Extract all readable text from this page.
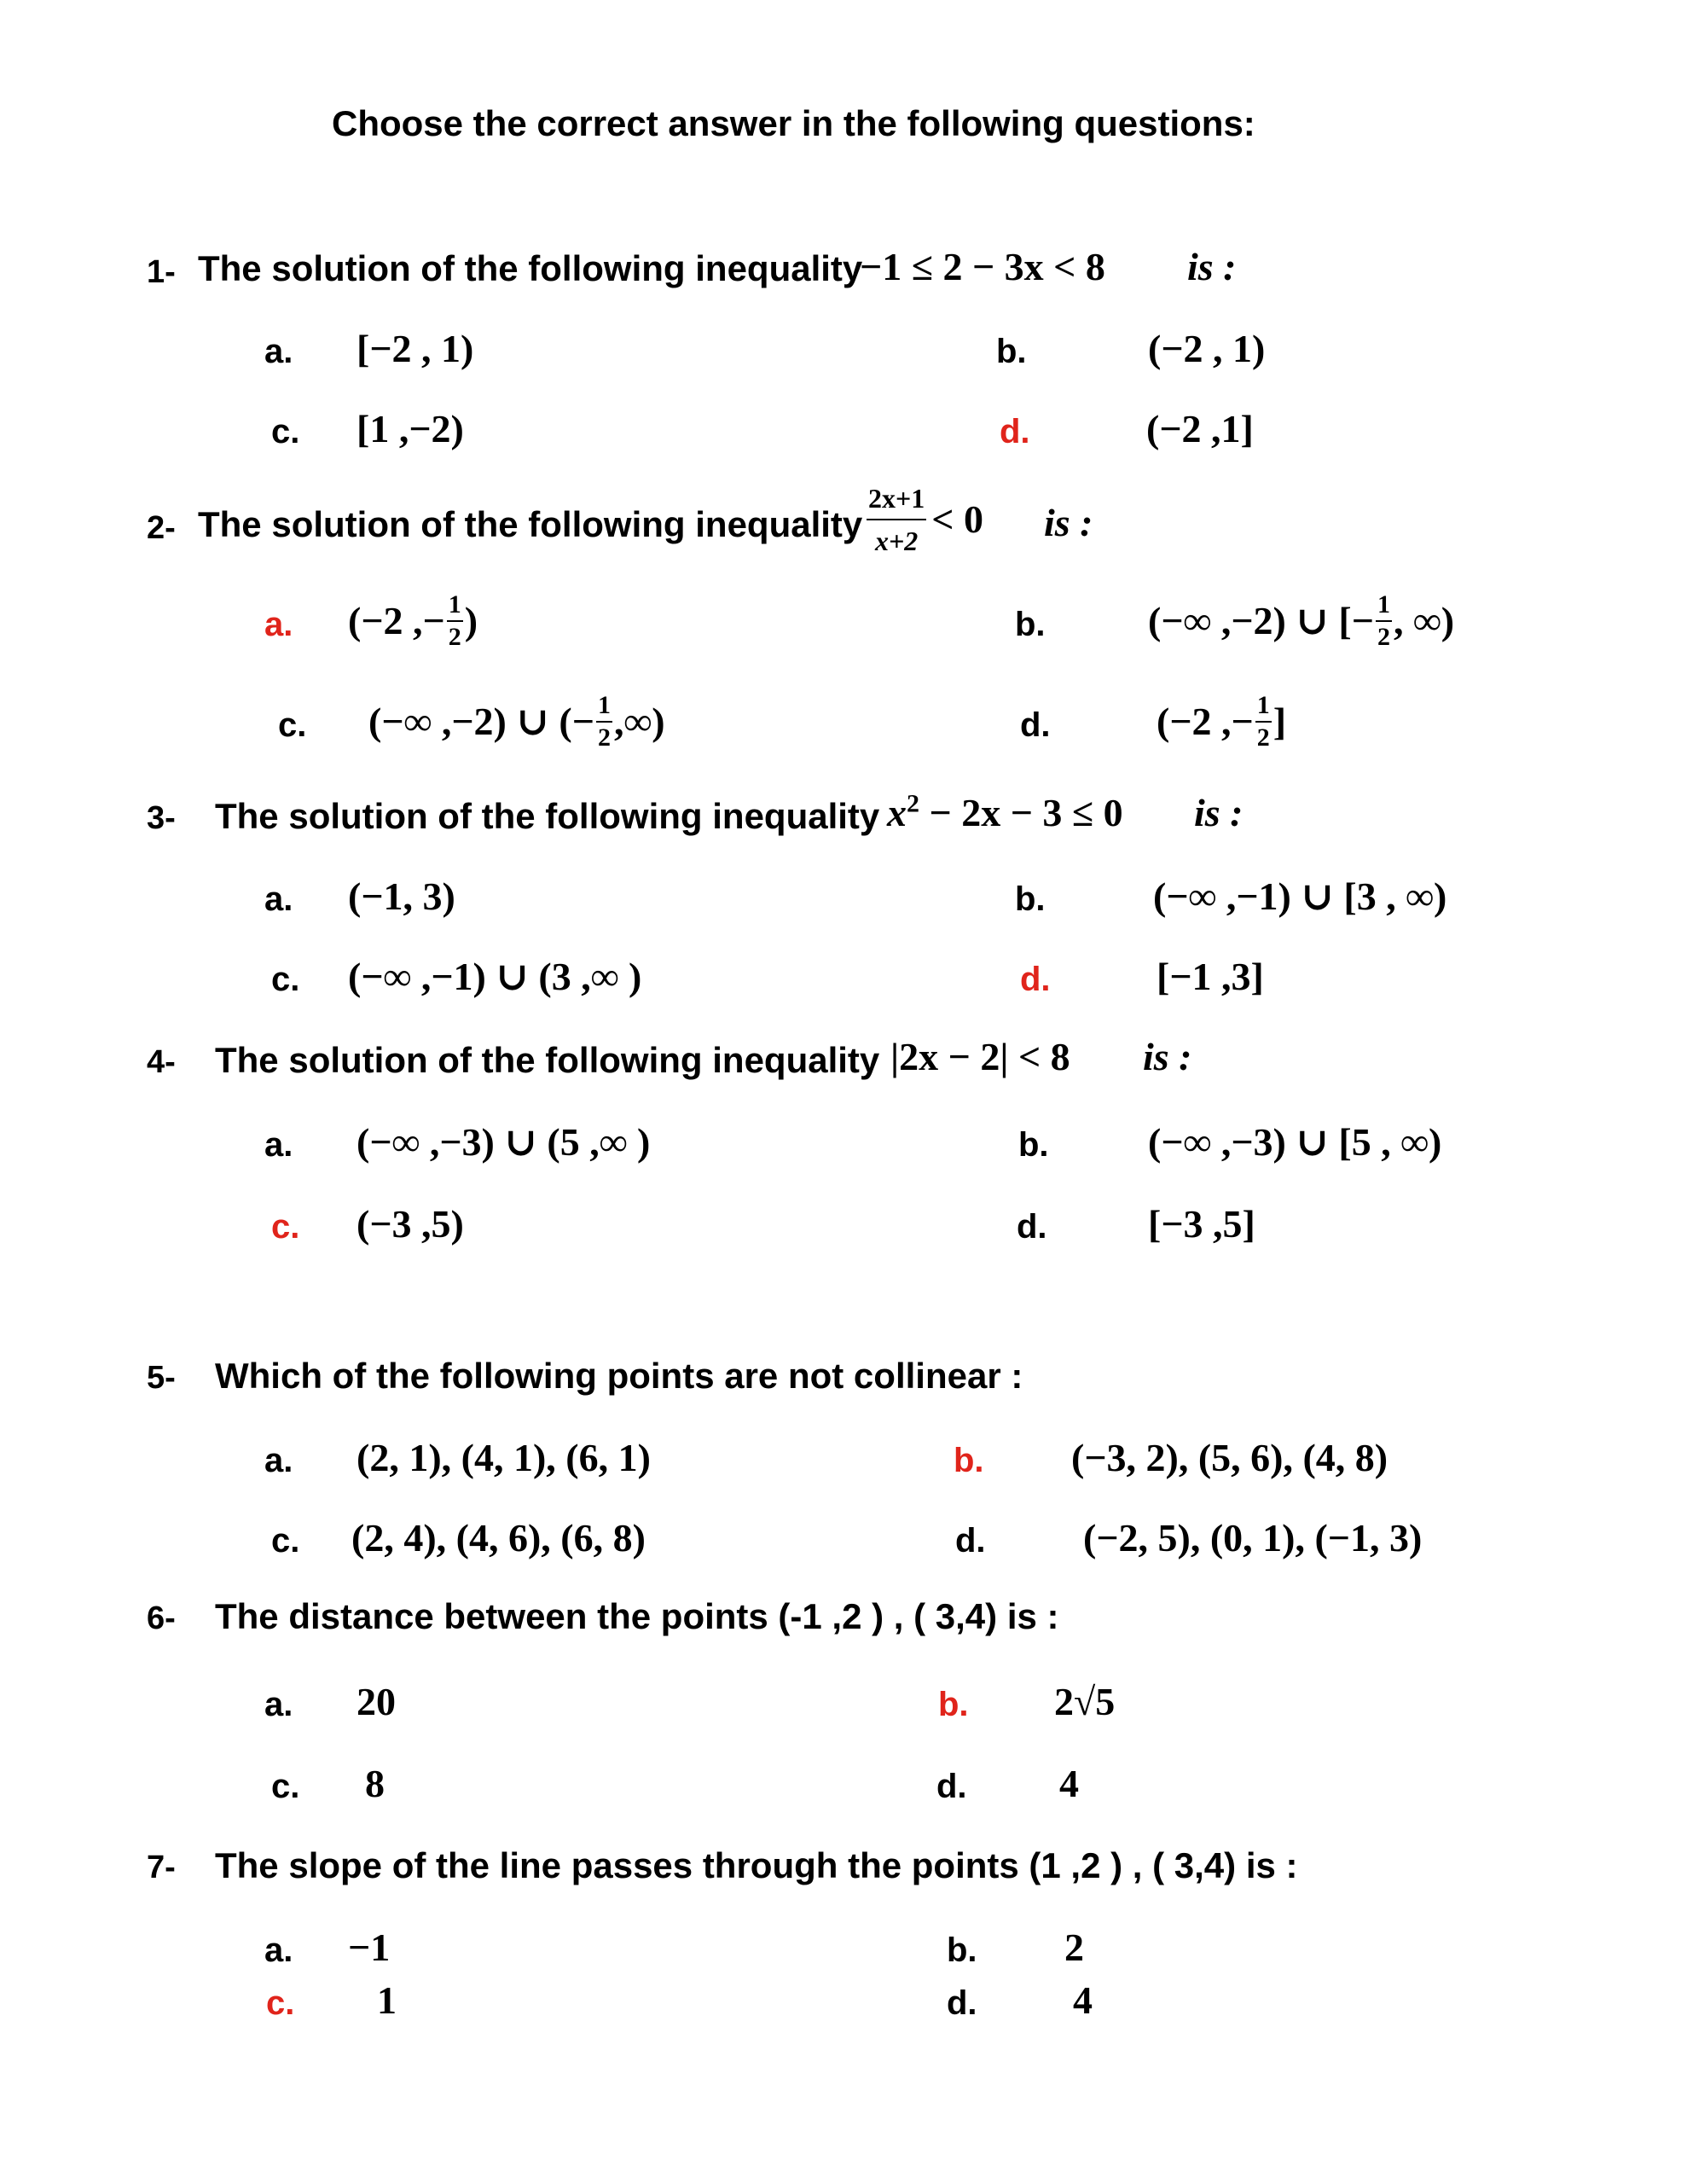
Choose the correct answer in the following questions:
1- The solution of the following inequality
−1 ≤ 2 − 3x < 8 is :
a. [−2 , 1)	b.	(−2 , 1)
c. [1 ,−2)	d.	(−2 ,1]
2- The solution of the following inequality $\frac{2x+1}{x+2} < 0$ is :
a. (−2 ,− $\frac{1}{2}$ )	b.	(−∞ ,−2) ∪ [− $\frac{1}{2}$ , ∞)
c. (−∞ ,−2) ∪ (− $\frac{1}{2}$ ,∞)	d.	(−2 ,− $\frac{1}{2}$ ]
3- The solution of the following inequality $x^2 - 2x - 3 \le 0$ is :
a. (−1, 3)	b.	(−∞ ,−1) ∪ [3 , ∞)
c. (−∞ ,−1) ∪ (3 ,∞ )	d.	[−1 ,3]
4- The solution of the following inequality |2x − 2| < 8 is :
a. (−∞ ,−3) ∪ (5 ,∞ )	b.	(−∞ ,−3) ∪ [5 , ∞)
c. (−3 ,5)	d.	[−3 ,5]
5- Which of the following points are not collinear :
a. (2, 1), (4, 1), (6, 1)	b. (−3, 2), (5, 6), (4, 8)
c. (2, 4), (4, 6), (6, 8)	d. (−2, 5), (0, 1), (−1, 3)
6- The distance between the points (-1 ,2 ) , ( 3,4) is :
a. 20	b. 2√5
c. 8	d. 4
7- The slope of the line passes through the points (1 ,2 ) , ( 3,4) is :
a. −1	b. 2
c. 1	d. 4
